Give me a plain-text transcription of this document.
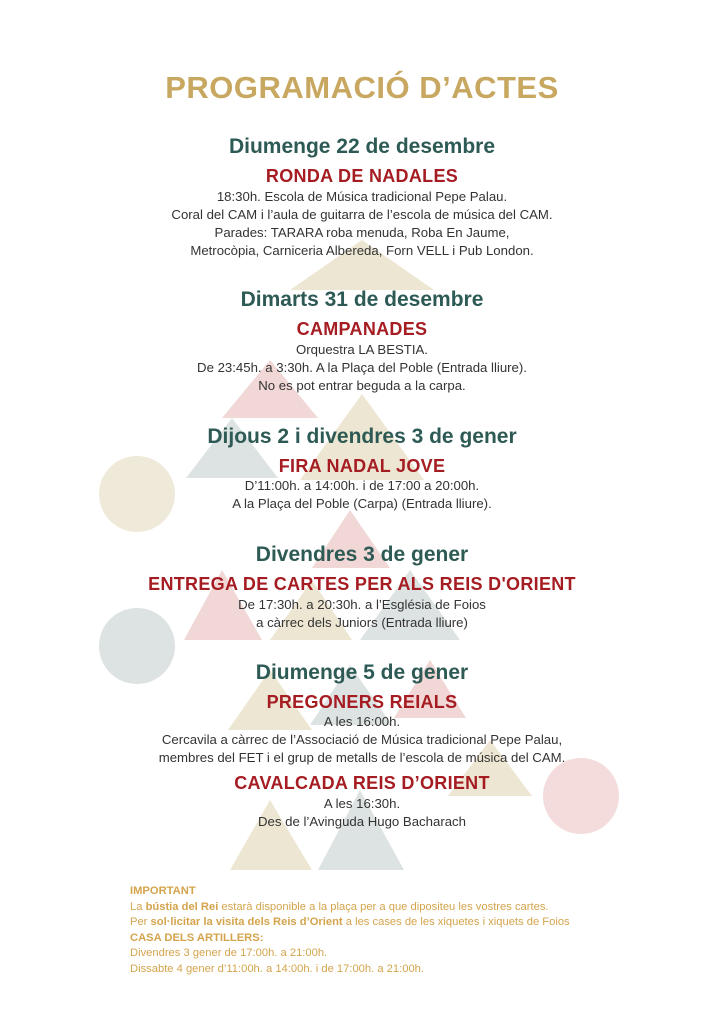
PROGRAMACIÓ D’ACTES
Diumenge 22 de desembre
RONDA DE NADALES
18:30h. Escola de Música tradicional Pepe Palau.
Coral del CAM i l’aula de guitarra de l’escola de música del CAM.
Parades: TARARA roba menuda, Roba En Jaume,
Metrocòpia, Carniceria Albereda, Forn VELL i Pub London.
Dimarts 31 de desembre
CAMPANADES
Orquestra LA BESTIA.
De 23:45h. a 3:30h. A la Plaça del Poble (Entrada lliure).
No es pot entrar beguda a la carpa.
Dijous 2 i divendres 3 de gener
FIRA NADAL JOVE
D’11:00h. a 14:00h. i de 17:00 a 20:00h.
A la Plaça del Poble (Carpa) (Entrada lliure).
Divendres 3 de gener
ENTREGA DE CARTES PER ALS REIS D'ORIENT
De 17:30h. a 20:30h. a l’Església de Foios
a càrrec dels Juniors (Entrada lliure)
Diumenge 5 de gener
PREGONERS REIALS
A les 16:00h.
Cercavila a càrrec de l’Associació de Música tradicional Pepe Palau,
membres del FET i el grup de metalls de l’escola de música del CAM.
CAVALCADA REIS D’ORIENT
A les 16:30h.
Des de l’Avinguda Hugo Bacharach
IMPORTANT
La bústia del Rei estarà disponible a la plaça per a que dipositeu les vostres cartes.
Per sol·licitar la visita dels Reis d’Orient a les cases de les xiquetes i xiquets de Foios
CASA DELS ARTILLERS:
Divendres 3 gener de 17:00h. a 21:00h.
Dissabte 4 gener d’11:00h. a 14:00h. i de 17:00h. a 21:00h.
